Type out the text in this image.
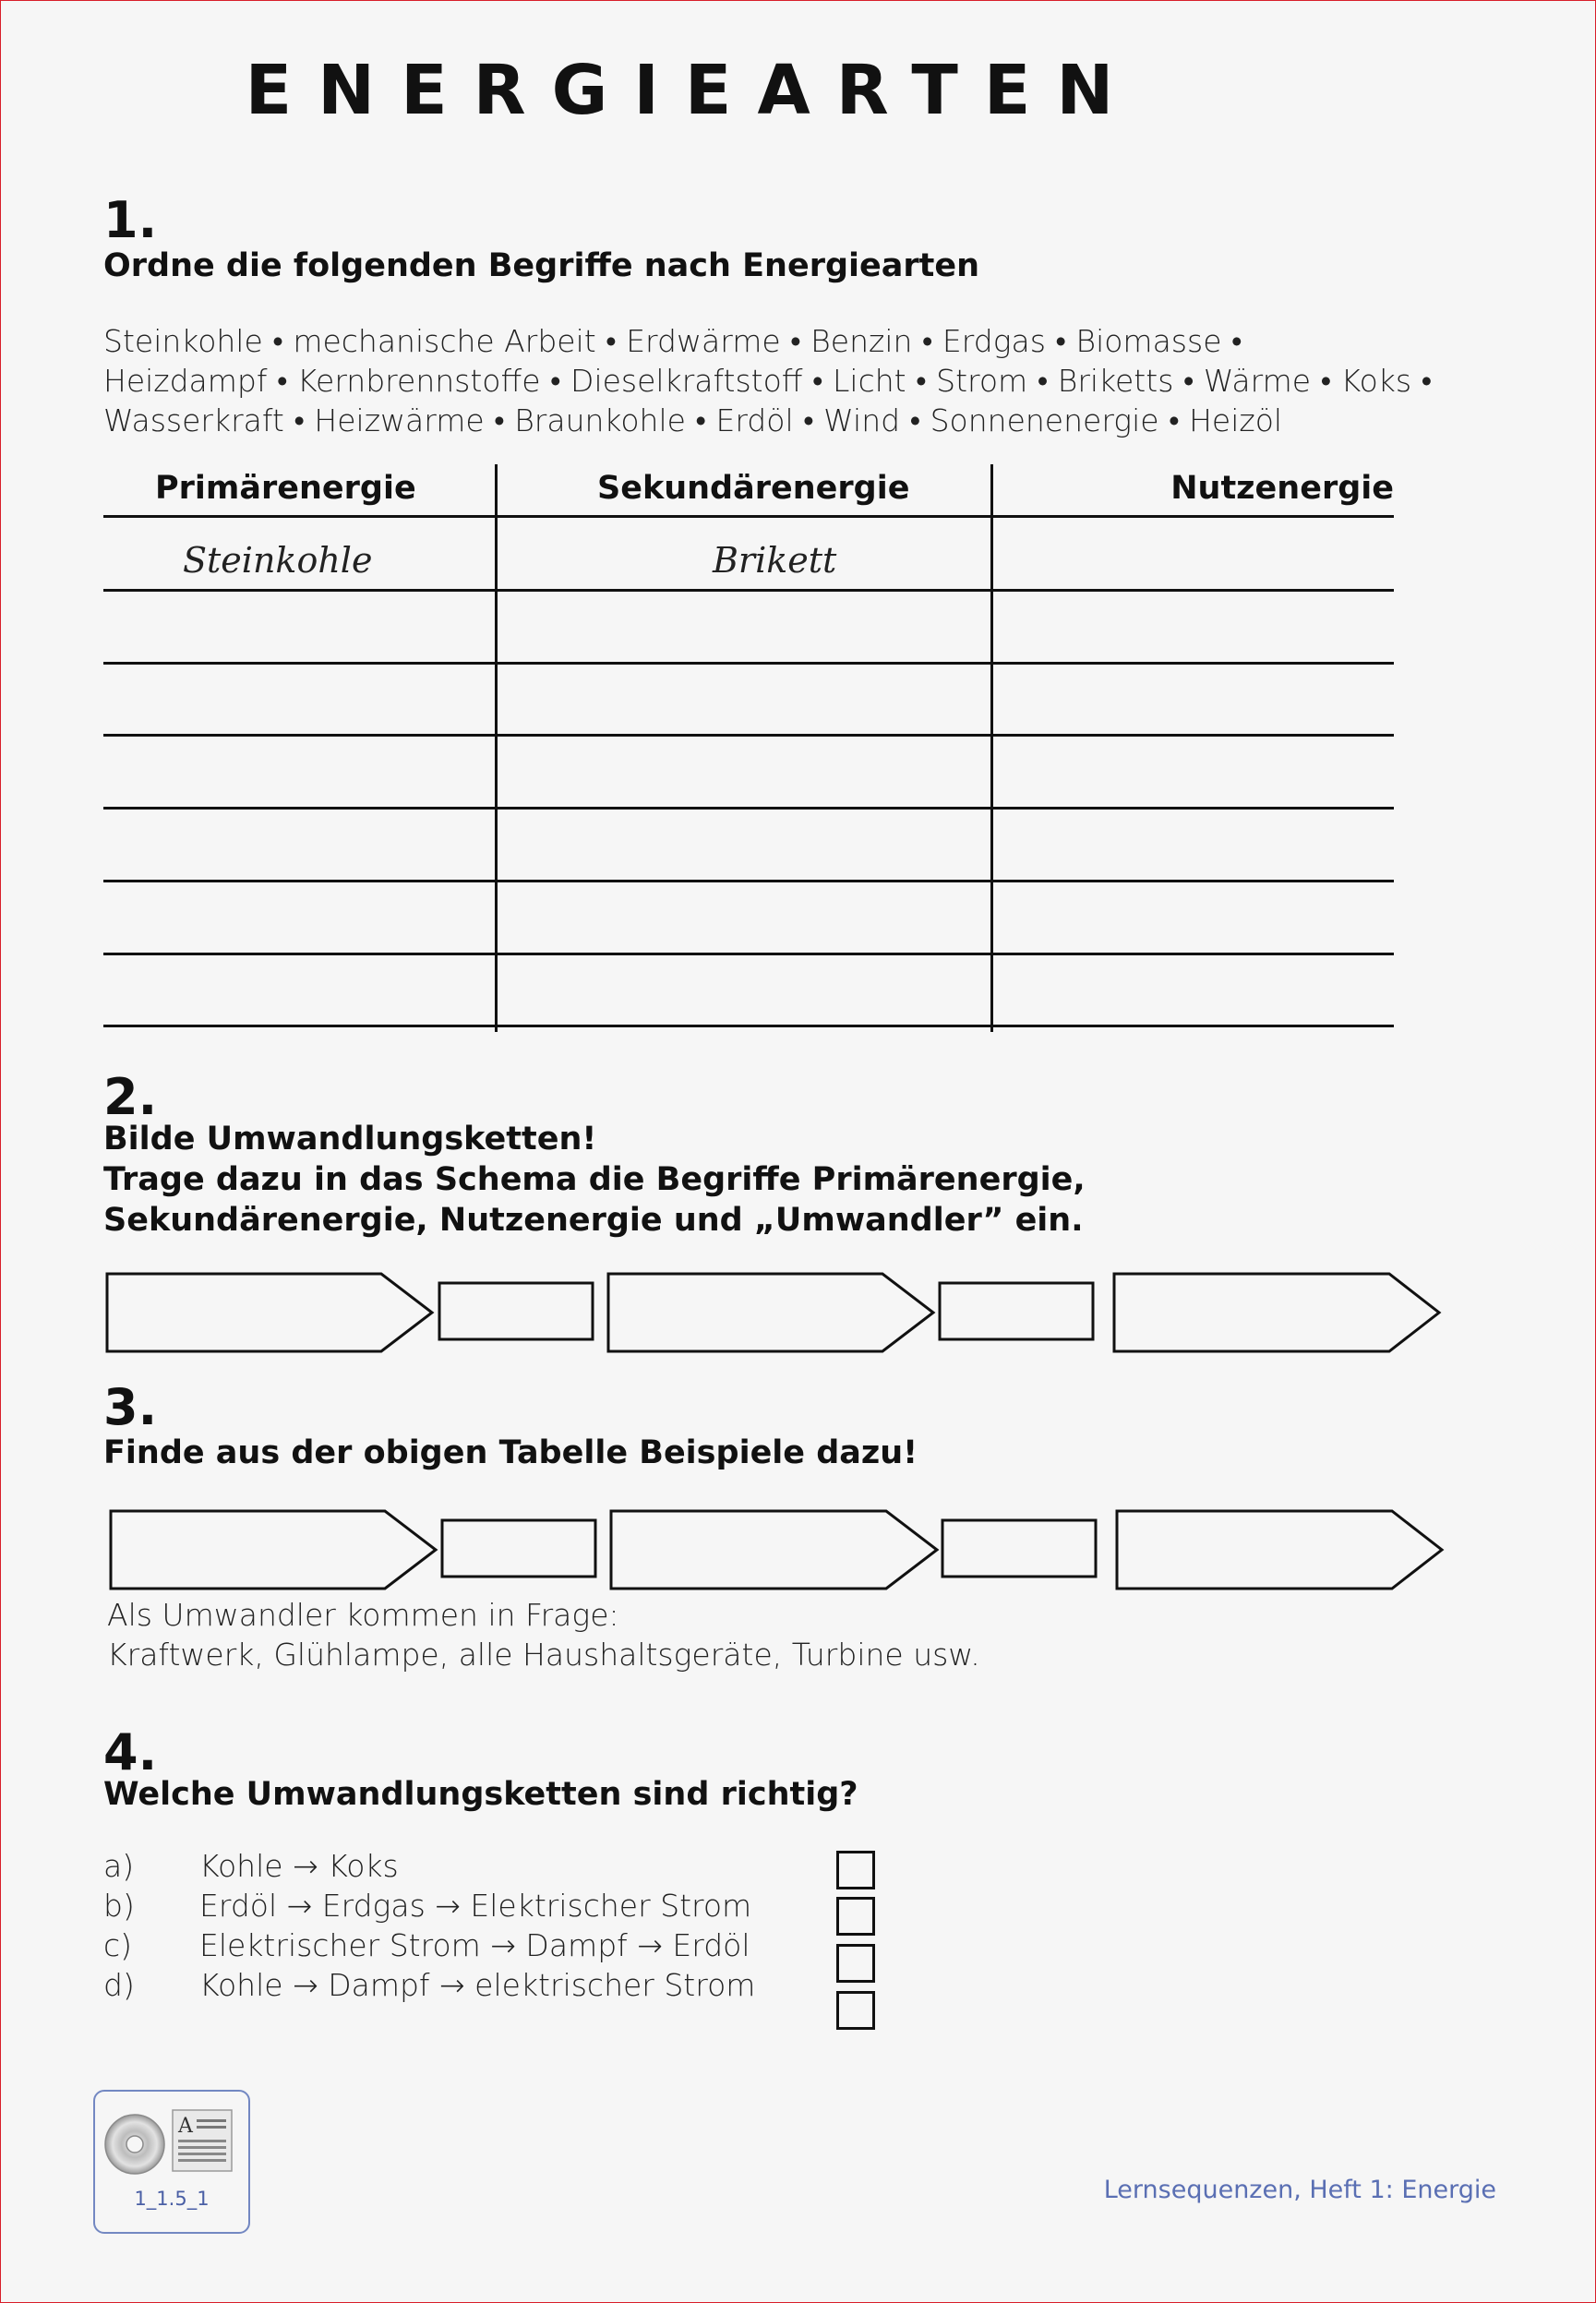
ENERGIEARTEN
1.
Ordne die folgenden Begriffe nach Energiearten

Steinkohle • mechanische Arbeit • Erdwärme • Benzin • Erdgas • Biomasse •

Heizdampf • Kernbrennstoffe • Dieselkraftstoff • Licht • Strom • Briketts • Wärme • Koks •

Wasserkraft • Heizwärme • Braunkohle • Erdöl • Wind • Sonnenenergie • Heizöl

Primärenergie	Sekundärenergie	Nutzenergie
Steinkohle	Brikett
2.
Bilde Umwandlungsketten!
Trage dazu in das Schema die Begriffe Primärenergie,
Sekundärenergie, Nutzenergie und „Umwandler” ein.
3.
Finde aus der obigen Tabelle Beispiele dazu!

Als Umwandler kommen in Frage:

Kraftwerk, Glühlampe, alle Haushaltsgeräte, Turbine usw.

4.
Welche Umwandlungsketten sind richtig?
a) Kohle → Koks
b) Erdöl → Erdgas → Elektrischer Strom
c) Elektrischer Strom → Dampf → Erdöl
d) Kohle → Dampf → elektrischer Strom
A
1_1.5_1	Lernsequenzen, Heft 1: Energie
